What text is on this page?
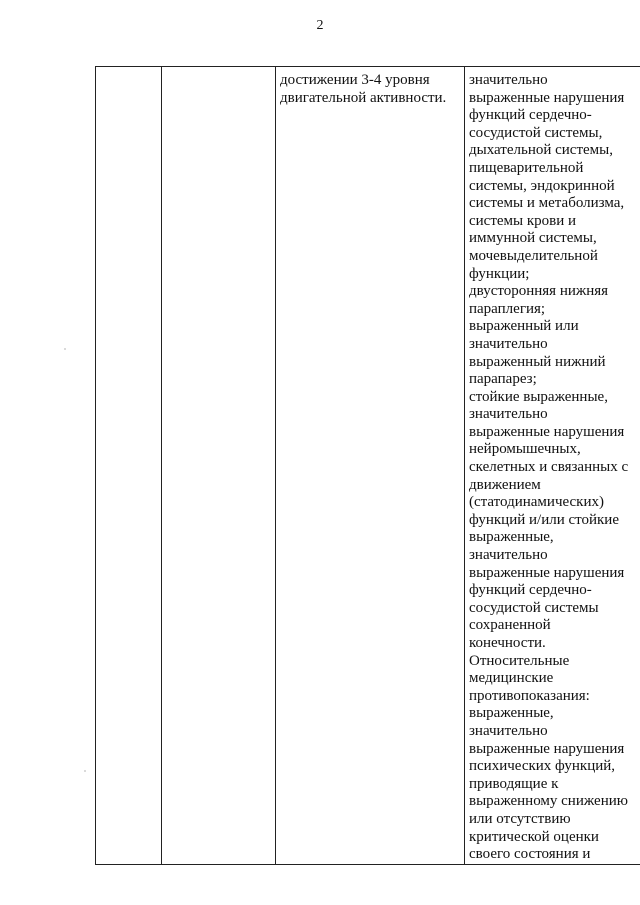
2

достижении 3-4 уровня
двигательной активности.

значительно
выраженные нарушения
функций сердечно-
сосудистой системы,
дыхательной системы,
пищеварительной
системы, эндокринной
системы и метаболизма,
системы крови и
иммунной системы,
мочевыделительной
функции;
двусторонняя нижняя
параплегия;
выраженный или
значительно
выраженный нижний
парапарез;
стойкие выраженные,
значительно
выраженные нарушения
нейромышечных,
скелетных и связанных с
движением
(статодинамических)
функций и/или стойкие
выраженные,
значительно
выраженные нарушения
функций сердечно-
сосудистой системы
сохраненной
конечности.
Относительные
медицинские
противопоказания:
выраженные,
значительно
выраженные нарушения
психических функций,
приводящие к
выраженному снижению
или отсутствию
критической оценки
своего состояния и
